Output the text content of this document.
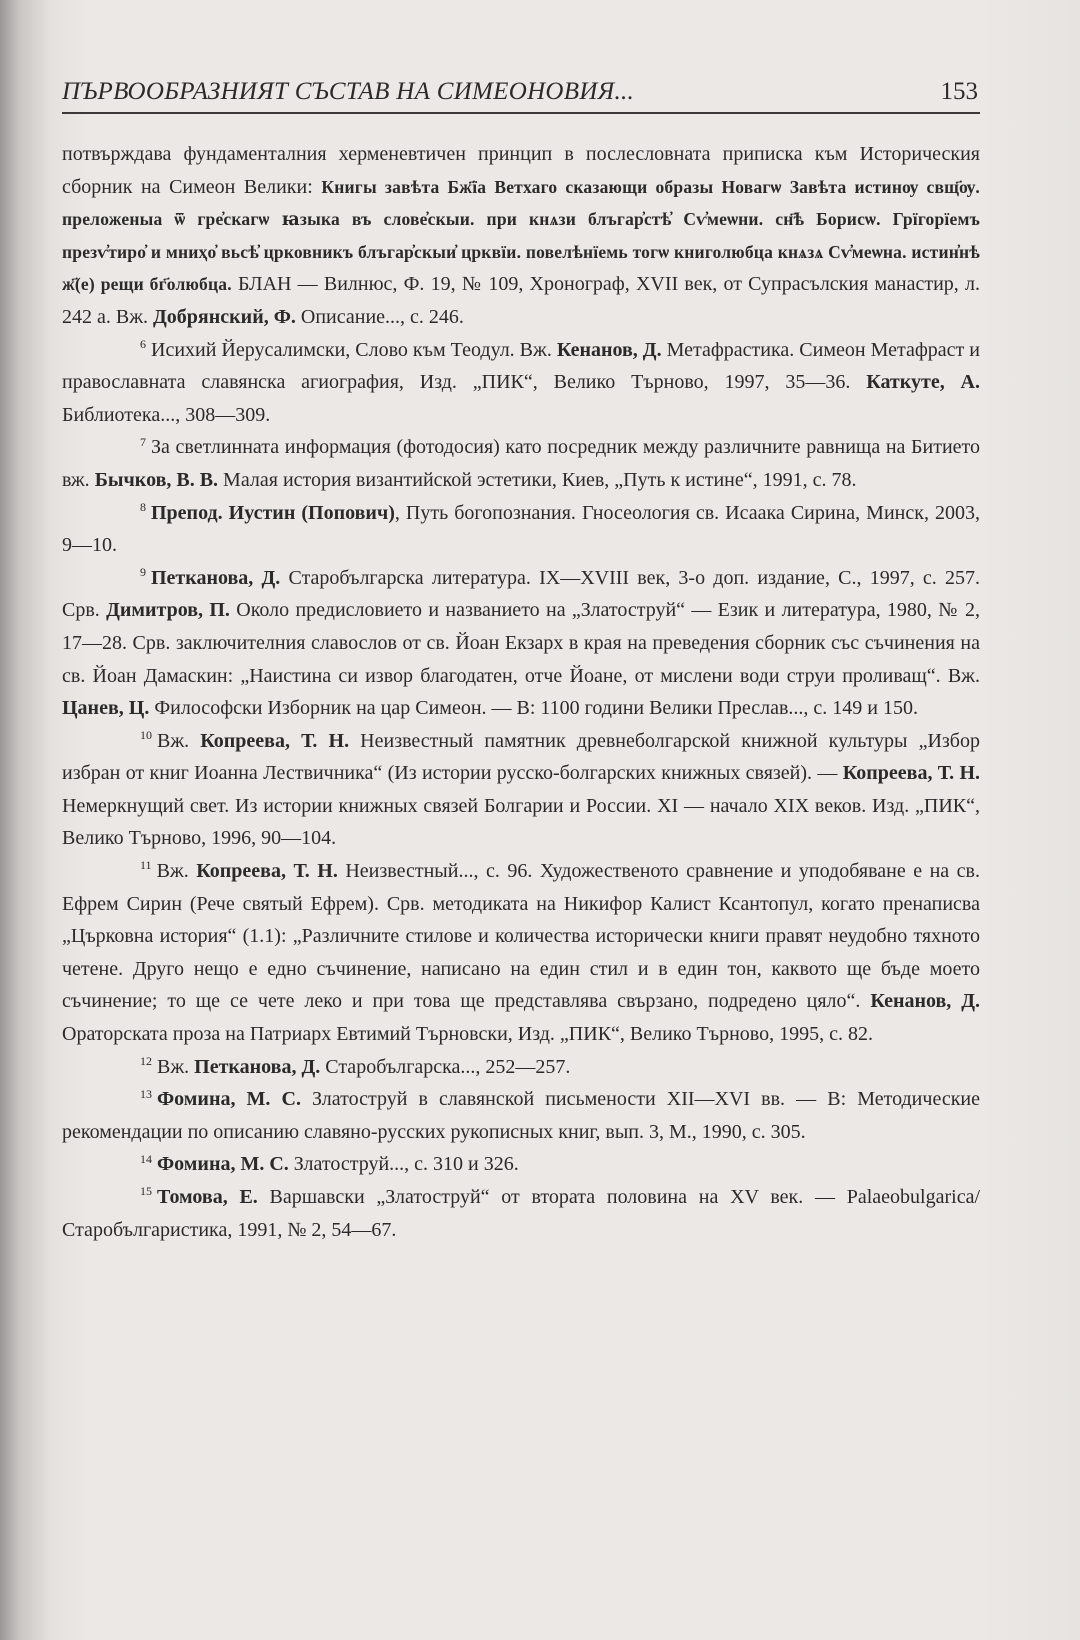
ПЪРВООБРАЗНИЯТ СЪСТАВ НА СИМЕОНОВИЯ...	153

потвърждава фундаменталния херменевтичен принцип в послесловната приписка към Историческия сборник на Симеон Велики: Книгы завѣта Бж҃їа Ветхаго сказающи образы Новагѡ Завѣта истинѹ свщ҃ѹ. преложеныа ѿ гре҆скагѡ ꙗзыка въ слове҆скыи. при кнѧзи блъгар҆стѣ҆ Сѵ҆меѡни. сн҃ѣ Борисѡ. Грїгорїемъ презѵ҆тиро҆ и мниҳо҆ вьсѣ҆ црковникъ блъгар҆скыи҆ црквїи. повелѣнїемь тогѡ книголюбца кнѧзѧ Сѵ҆меѡна. истин҆нѣ ж҃(е) рещи бг҃олюбца. БЛАН — Вилнюс, Ф. 19, № 109, Хронограф, XVII век, от Супрасълския манастир, л. 242 а. Вж. Добрянский, Ф. Описание..., с. 246.

$^6$ Исихий Йерусалимски, Слово към Теодул. Вж. Кенанов, Д. Метафрастика. Симеон Метафраст и православната славянска агиография, Изд. „ПИК“, Велико Търново, 1997, 35—36. Каткуте, А. Библиотека..., 308—309.

$^7$ За светлинната информация (фотодосия) като посредник между различните равнища на Битието вж. Бычков, В. В. Малая история византийской эстетики, Киев, „Путь к истине“, 1991, с. 78.

$^8$ Препод. Иустин (Попович), Путь богопознания. Гносеология св. Исаака Сирина, Минск, 2003, 9—10.

$^9$ Петканова, Д. Старобългарска литература. IX—XVIII век, 3-о доп. издание, С., 1997, с. 257. Срв. Димитров, П. Около предисловието и названието на „Златоструй“ — Език и литература, 1980, № 2, 17—28. Срв. заключителния славослов от св. Йоан Екзарх в края на преведения сборник със съчинения на св. Йоан Дамаскин: „Наистина си извор благодатен, отче Йоане, от мислени води струи проливащ“. Вж. Цанев, Ц. Философски Изборник на цар Симеон. — В: 1100 години Велики Преслав..., с. 149 и 150.

$^{10}$ Вж. Копреева, Т. Н. Неизвестный памятник древнеболгарской книжной культуры „Избор избран от книг Иоанна Лествичника“ (Из истории русско-болгарских книжных связей). — Копреева, Т. Н. Немеркнущий свет. Из истории книжных связей Болгарии и России. XI — начало XIX веков. Изд. „ПИК“, Велико Търново, 1996, 90—104.

$^{11}$ Вж. Копреева, Т. Н. Неизвестный..., с. 96. Художественото сравнение и уподобяване е на св. Ефрем Сирин (Рече святый Ефрем). Срв. методиката на Никифор Калист Ксантопул, когато пренаписва „Църковна история“ (1.1): „Различните стилове и количества исторически книги правят неудобно тяхното четене. Друго нещо е едно съчинение, написано на един стил и в един тон, каквото ще бъде моето съчинение; то ще се чете леко и при това ще представлява свързано, подредено цяло“. Кенанов, Д. Ораторската проза на Патриарх Евтимий Търновски, Изд. „ПИК“, Велико Търново, 1995, с. 82.

$^{12}$ Вж. Петканова, Д. Старобългарска..., 252—257.

$^{13}$ Фомина, М. С. Златоструй в славянской письмености XII—XVI вв. — В: Методические рекомендации по описанию славяно-русских рукописных книг, вып. 3, М., 1990, с. 305.

$^{14}$ Фомина, М. С. Златоструй..., с. 310 и 326.

$^{15}$ Томова, Е. Варшавски „Златоструй“ от втората половина на XV век. — Palaeobulgarica/Старобългаристика, 1991, № 2, 54—67.
